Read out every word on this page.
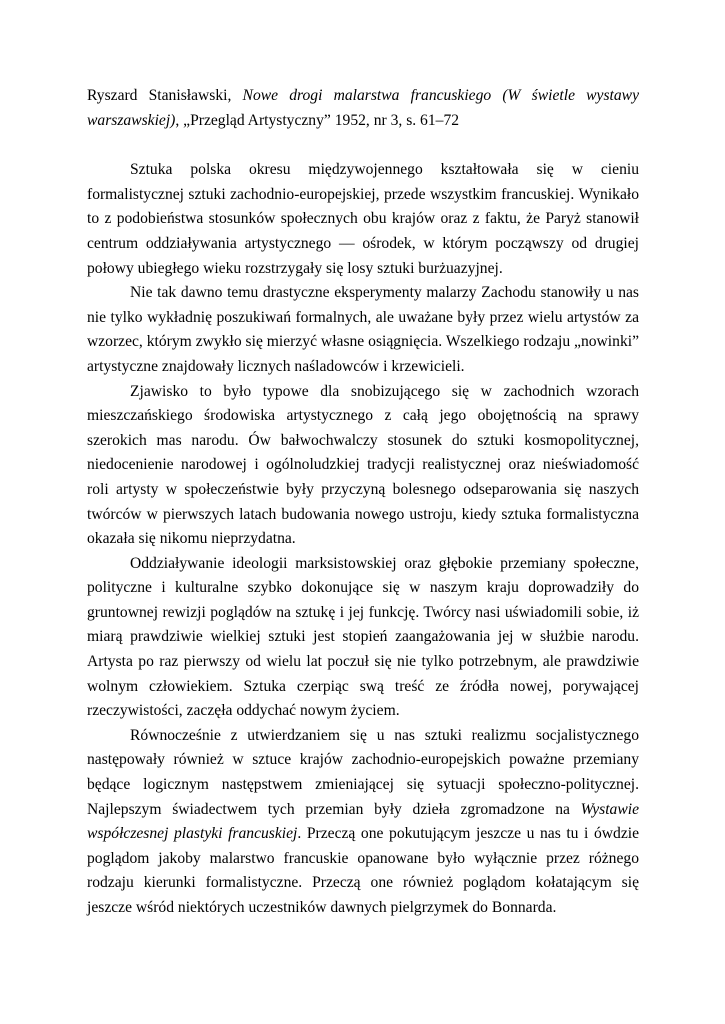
Ryszard Stanisławski, Nowe drogi malarstwa francuskiego (W świetle wystawy warszawskiej), „Przegląd Artystyczny” 1952, nr 3, s. 61–72

Sztuka polska okresu międzywojennego kształtowała się w cieniu formalistycznej sztuki zachodnio-europejskiej, przede wszystkim francuskiej. Wynikało to z podobieństwa stosunków społecznych obu krajów oraz z faktu, że Paryż stanowił centrum oddziaływania artystycznego — ośrodek, w którym począwszy od drugiej połowy ubiegłego wieku rozstrzygały się losy sztuki burżuazyjnej.

Nie tak dawno temu drastyczne eksperymenty malarzy Zachodu stanowiły u nas nie tylko wykładnię poszukiwań formalnych, ale uważane były przez wielu artystów za wzorzec, którym zwykło się mierzyć własne osiągnięcia. Wszelkiego rodzaju „nowinki” artystyczne znajdowały licznych naśladowców i krzewicieli.

Zjawisko to było typowe dla snobizującego się w zachodnich wzorach mieszczańskiego środowiska artystycznego z całą jego obojętnością na sprawy szerokich mas narodu. Ów bałwochwalczy stosunek do sztuki kosmopolitycznej, niedocenienie narodowej i ogólnoludzkiej tradycji realistycznej oraz nieświadomość roli artysty w społeczeństwie były przyczyną bolesnego odseparowania się naszych twórców w pierwszych latach budowania nowego ustroju, kiedy sztuka formalistyczna okazała się nikomu nieprzydatna.

Oddziaływanie ideologii marksistowskiej oraz głębokie przemiany społeczne, polityczne i kulturalne szybko dokonujące się w naszym kraju doprowadziły do gruntownej rewizji poglądów na sztukę i jej funkcję. Twórcy nasi uświadomili sobie, iż miarą prawdziwie wielkiej sztuki jest stopień zaangażowania jej w służbie narodu. Artysta po raz pierwszy od wielu lat poczuł się nie tylko potrzebnym, ale prawdziwie wolnym człowiekiem. Sztuka czerpiąc swą treść ze źródła nowej, porywającej rzeczywistości, zaczęła oddychać nowym życiem.

Równocześnie z utwierdzaniem się u nas sztuki realizmu socjalistycznego następowały również w sztuce krajów zachodnio-europejskich poważne przemiany będące logicznym następstwem zmieniającej się sytuacji społeczno-politycznej. Najlepszym świadectwem tych przemian były dzieła zgromadzone na Wystawie współczesnej plastyki francuskiej. Przeczą one pokutującym jeszcze u nas tu i ówdzie poglądom jakoby malarstwo francuskie opanowane było wyłącznie przez różnego rodzaju kierunki formalistyczne. Przeczą one również poglądom kołatającym się jeszcze wśród niektórych uczestników dawnych pielgrzymek do Bonnarda.
